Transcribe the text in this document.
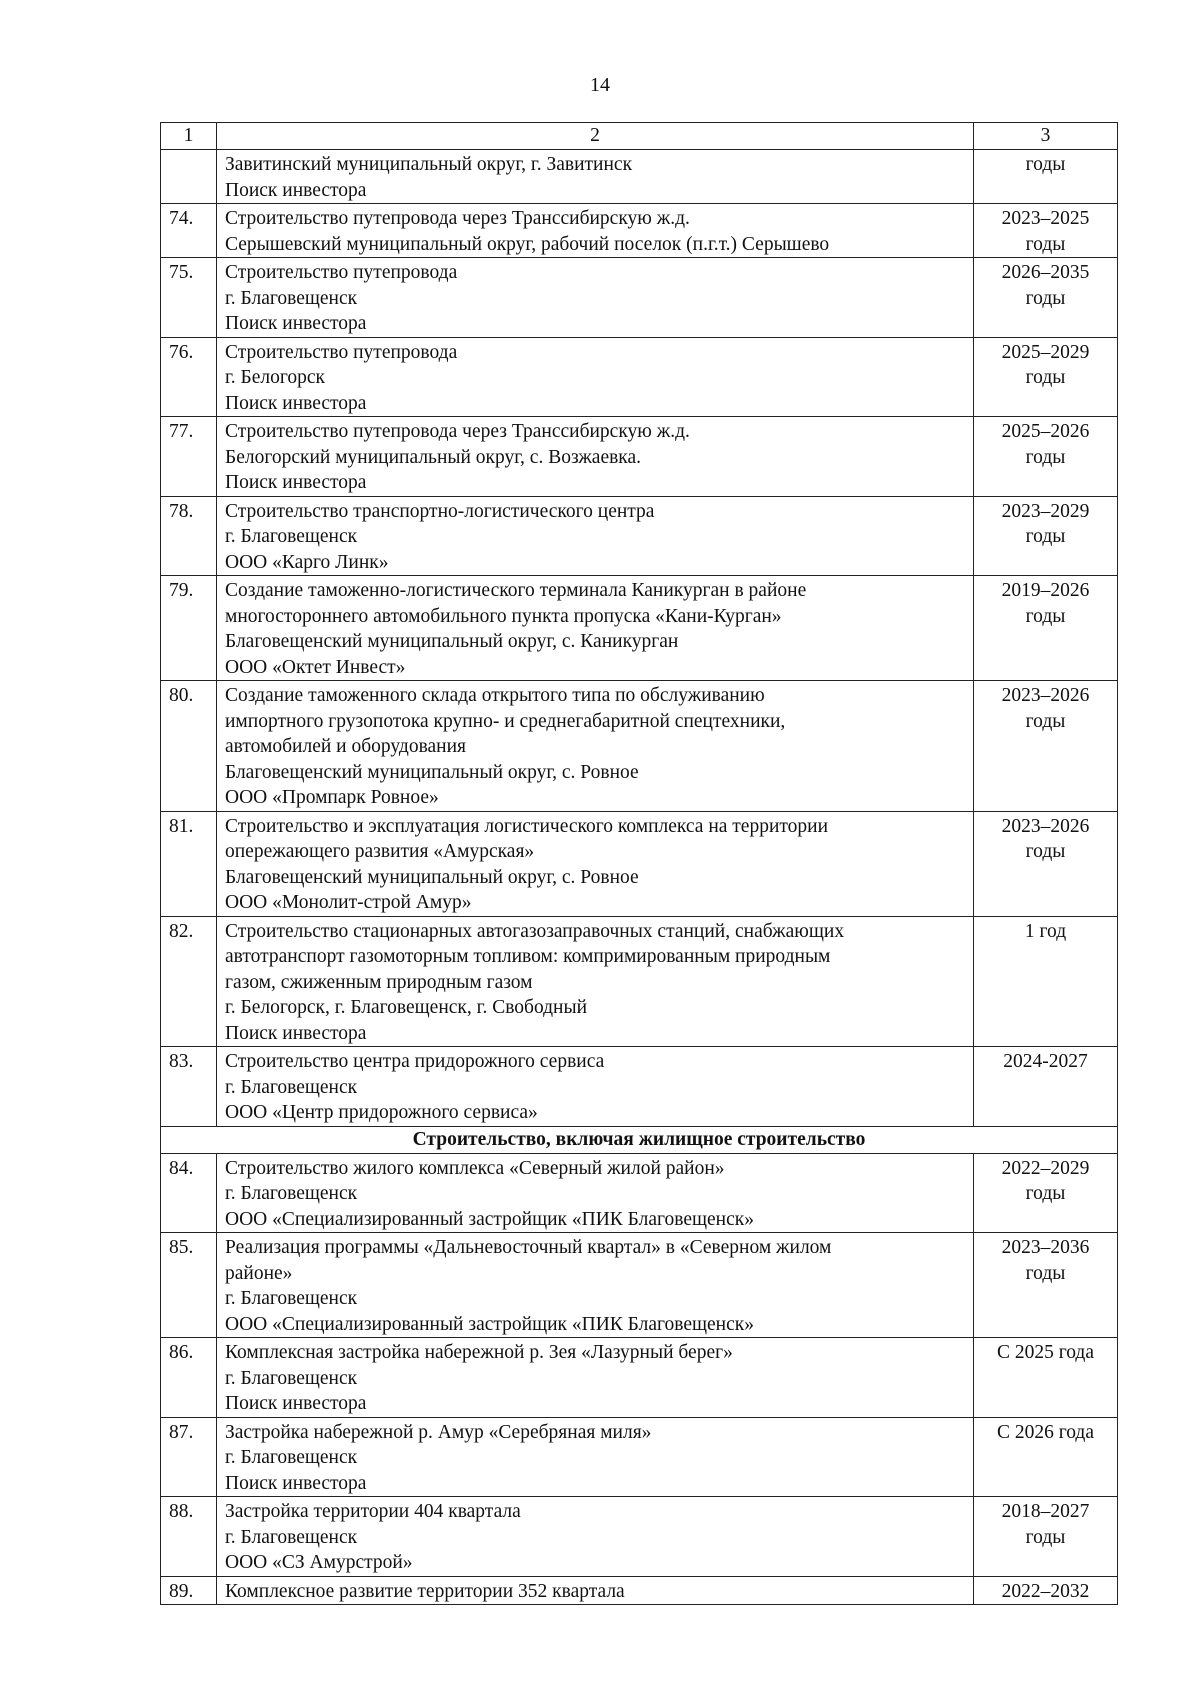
14
1	2	3

	Завитинский муниципальный округ, г. Завитинск
Поиск инвестора	годы

74.	Строительство путепровода через Транссибирскую ж.д.
Серышевский муниципальный округ, рабочий поселок (п.г.т.) Серышево	2023–2025
годы

75.	Строительство путепровода
г. Благовещенск
Поиск инвестора	2026–2035
годы

76.	Строительство путепровода
г. Белогорск
Поиск инвестора	2025–2029
годы

77.	Строительство путепровода через Транссибирскую ж.д.
Белогорский муниципальный округ, с. Возжаевка.
Поиск инвестора	2025–2026
годы

78.	Строительство транспортно-логистического центра
г. Благовещенск
ООО «Карго Линк»	2023–2029
годы

79.	Создание таможенно-логистического терминала Каникурган в районе
многостороннего автомобильного пункта пропуска «Кани-Курган»
Благовещенский муниципальный округ, с. Каникурган
ООО «Октет Инвест»	2019–2026
годы

80.	Создание таможенного склада открытого типа по обслуживанию
импортного грузопотока крупно- и среднегабаритной спецтехники,
автомобилей и оборудования
Благовещенский муниципальный округ, с. Ровное
ООО «Промпарк Ровное»	2023–2026
годы

81.	Строительство и эксплуатация логистического комплекса на территории
опережающего развития «Амурская»
Благовещенский муниципальный округ, с. Ровное
ООО «Монолит-строй Амур»	2023–2026
годы

82.	Строительство стационарных автогазозаправочных станций, снабжающих
автотранспорт газомоторным топливом: компримированным природным
газом, сжиженным природным газом
г. Белогорск, г. Благовещенск, г. Свободный
Поиск инвестора	1 год

83.	Строительство центра придорожного сервиса
г. Благовещенск
ООО «Центр придорожного сервиса»	2024-2027

Строительство, включая жилищное строительство		
84.	Строительство жилого комплекса «Северный жилой район»
г. Благовещенск
ООО «Специализированный застройщик «ПИК Благовещенск»	2022–2029
годы

85.	Реализация программы «Дальневосточный квартал» в «Северном жилом
районе»
г. Благовещенск
ООО «Специализированный застройщик «ПИК Благовещенск»	2023–2036
годы

86.	Комплексная застройка набережной р. Зея «Лазурный берег»
г. Благовещенск
Поиск инвестора	С 2025 года

87.	Застройка набережной р. Амур «Серебряная миля»
г. Благовещенск
Поиск инвестора	С 2026 года

88.	Застройка территории 404 квартала
г. Благовещенск
ООО «СЗ Амурстрой»	2018–2027
годы

89.	Комплексное развитие территории 352 квартала	2022–2032
